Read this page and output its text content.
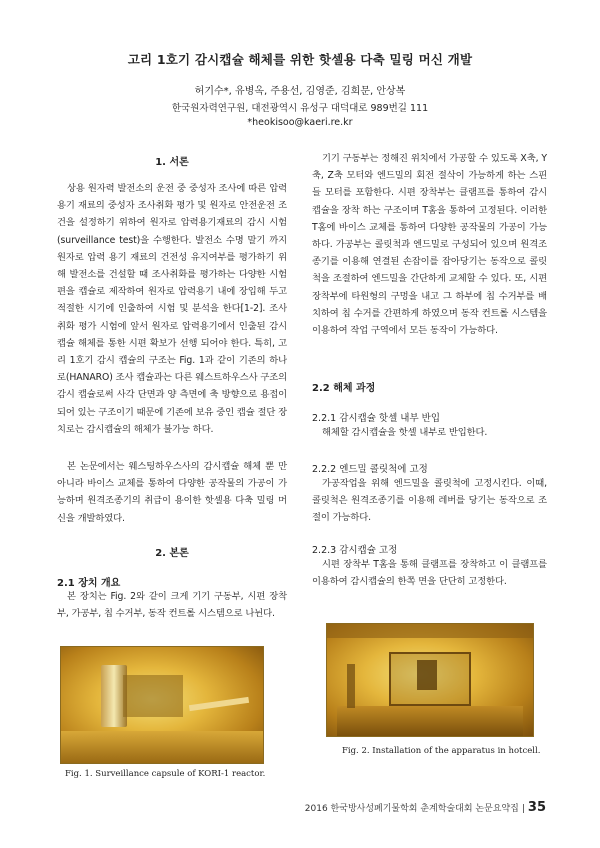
고리 1호기 감시캡슐 해체를 위한 핫셀용 다축 밀링 머신 개발
허기수*, 유병옥, 주용선, 김영준, 김희문, 안상복
한국원자력연구원, 대전광역시 유성구 대덕대로 989번길 111
*heokisoo@kaeri.re.kr
1. 서론
상용 원자력 발전소의 운전 중 중성자 조사에 따른 압력용기 재료의 중성자 조사취화 평가 및 원자로 안전운전 조건을 설정하기 위하여 원자로 압력용기재료의 감시 시험(surveillance test)을 수행한다. 발전소 수명 말기 까지 원자로 압력 용기 재료의 건전성 유지여부를 평가하기 위해 발전소를 건설할 때 조사취화를 평가하는 다양한 시험편을 캡슐로 제작하여 원자로 압력용기 내에 장입해 두고 적절한 시기에 인출하여 시험 및 분석을 한다[1-2]. 조사취화 평가 시험에 앞서 원자로 압력용기에서 인출된 감시 캡슐 해체를 통한 시편 확보가 선행 되어야 한다. 특히, 고리 1호기 감시 캡슐의 구조는 Fig. 1과 같이 기존의 하나로(HANARO) 조사 캡슐과는 다른 웨스트하우스사 구조의 감시 캡슐로써 사각 단면과 양 측면에 축 방향으로 용접이 되어 있는 구조이기 때문에 기존에 보유 중인 캡슐 절단 장치로는 감시캡슐의 해체가 불가능 하다.
본 논문에서는 웨스팅하우스사의 감시캡슐 해체 뿐 만 아니라 바이스 교체를 통하여 다양한 공작물의 가공이 가능하며 원격조종기의 취급이 용이한 핫셀용 다축 밀링 머신을 개발하였다.
2. 본론
2.1 장치 개요
본 장치는 Fig. 2와 같이 크게 기기 구동부, 시편 장착부, 가공부, 칩 수거부, 동작 컨트롤 시스템으로 나뉜다.
Fig. 1. Surveillance capsule of KORI-1 reactor.
기기 구동부는 정해진 위치에서 가공할 수 있도록 X축, Y축, Z축 모터와 엔드밀의 회전 절삭이 가능하게 하는 스핀들 모터를 포함한다. 시편 장착부는 클램프를 통하여 감시 캡슐을 장착 하는 구조이며 T홈을 통하여 고정된다. 이러한 T홈에 바이스 교체를 통하여 다양한 공작물의 가공이 가능하다. 가공부는 콜릿척과 엔드밀로 구성되어 있으며 원격조종기를 이용해 연결된 손잡이를 잡아당기는 동작으로 콜릿척을 조절하여 엔드밀을 간단하게 교체할 수 있다. 또, 시편 장착부에 타원형의 구멍을 내고 그 하부에 칩 수거부를 배치하여 칩 수거를 간편하게 하였으며 동작 컨트롤 시스템을 이용하여 작업 구역에서 모든 동작이 가능하다.
2.2 해체 과정
2.2.1 감시캡슐 핫셀 내부 반입
해체할 감시캡슐을 핫셀 내부로 반입한다.
2.2.2 엔드밀 콜릿척에 고정
가공작업을 위해 엔드밀을 콜릿척에 고정시킨다. 이때, 콜릿척은 원격조종기를 이용해 레버를 당기는 동작으로 조절이 가능하다.
2.2.3 감시캡슐 고정
시편 장착부 T홈을 통해 클램프를 장착하고 이 클램프를 이용하여 감시캡슐의 한쪽 면을 단단히 고정한다.
Fig. 2. Installation of the apparatus in hotcell.
2016 한국방사성폐기물학회 춘계학술대회 논문요약집 | 35
